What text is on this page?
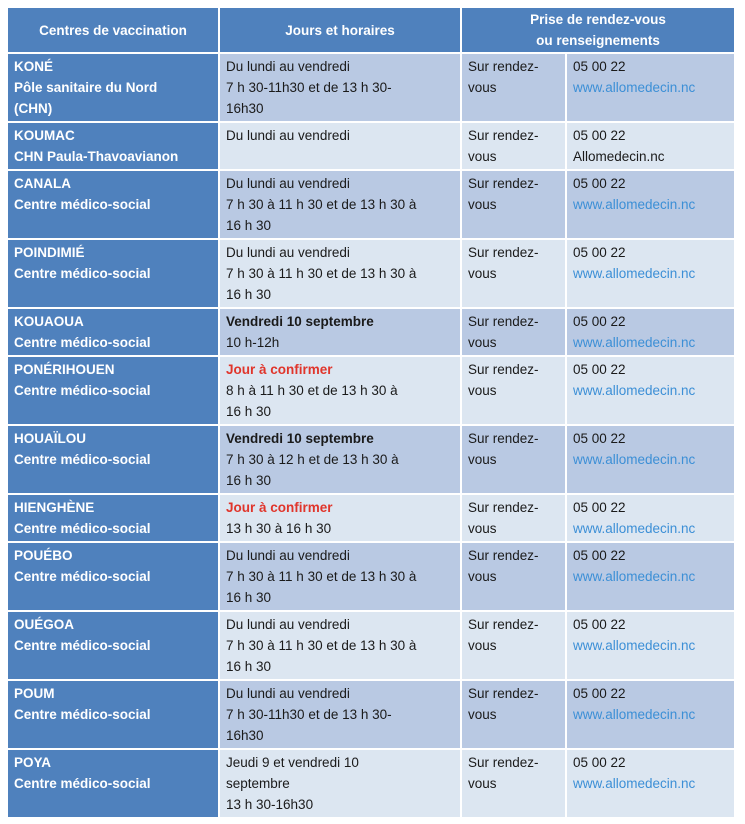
Centres de vaccination	Jours et horaires	Prise de rendez-vous
ou renseignements	

KONÉ
Pôle sanitaire du Nord
(CHN)	Du lundi au vendredi
7 h 30-11h30 et de 13 h 30-
16h30	Sur rendez-
vous	05 00 22
www.allomedecin.nc

KOUMAC
CHN Paula-Thavoavianon	Du lundi au vendredi	Sur rendez-
vous	05 00 22
Allomedecin.nc

CANALA
Centre médico-social	Du lundi au vendredi
7 h 30 à 11 h 30 et de 13 h 30 à
16 h 30	Sur rendez-
vous	05 00 22
www.allomedecin.nc

POINDIMIÉ
Centre médico-social	Du lundi au vendredi
7 h 30 à 11 h 30 et de 13 h 30 à
16 h 30	Sur rendez-
vous	05 00 22
www.allomedecin.nc

KOUAOUA
Centre médico-social	Vendredi 10 septembre
10 h-12h	Sur rendez-
vous	05 00 22
www.allomedecin.nc

PONÉRIHOUEN
Centre médico-social	Jour à confirmer
8 h à 11 h 30 et de 13 h 30 à
16 h 30	Sur rendez-
vous	05 00 22
www.allomedecin.nc

HOUAÏLOU
Centre médico-social	Vendredi 10 septembre
7 h 30 à 12 h et de 13 h 30 à
16 h 30	Sur rendez-
vous	05 00 22
www.allomedecin.nc

HIENGHÈNE
Centre médico-social	Jour à confirmer
13 h 30 à 16 h 30	Sur rendez-
vous	05 00 22
www.allomedecin.nc

POUÉBO
Centre médico-social	Du lundi au vendredi
7 h 30 à 11 h 30 et de 13 h 30 à
16 h 30	Sur rendez-
vous	05 00 22
www.allomedecin.nc

OUÉGOA
Centre médico-social	Du lundi au vendredi
7 h 30 à 11 h 30 et de 13 h 30 à
16 h 30	Sur rendez-
vous	05 00 22
www.allomedecin.nc

POUM
Centre médico-social	Du lundi au vendredi
7 h 30-11h30 et de 13 h 30-
16h30	Sur rendez-
vous	05 00 22
www.allomedecin.nc

POYA
Centre médico-social	Jeudi 9 et vendredi 10
septembre
13 h 30-16h30	Sur rendez-
vous	05 00 22
www.allomedecin.nc
